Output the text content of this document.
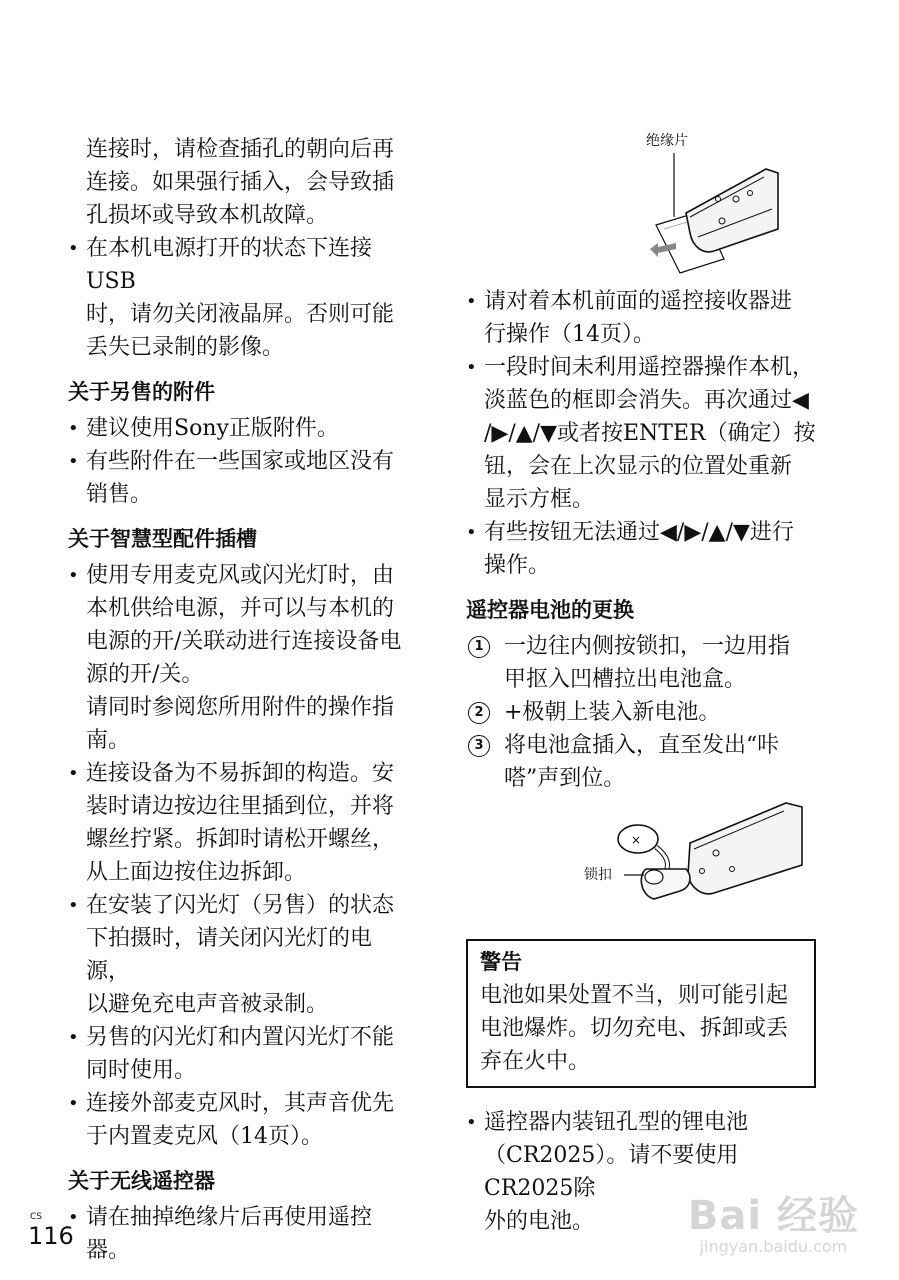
连接时，请检查插孔的朝向后再
连接。如果强行插入，会导致插
孔损坏或导致本机故障。
• 在本机电源打开的状态下连接USB
时，请勿关闭液晶屏。否则可能
丢失已录制的影像。
关于另售的附件
• 建议使用Sony正版附件。
• 有些附件在一些国家或地区没有
销售。
关于智慧型配件插槽
• 使用专用麦克风或闪光灯时，由
本机供给电源，并可以与本机的
电源的开/关联动进行连接设备电
源的开/关。
请同时参阅您所用附件的操作指
南。
• 连接设备为不易拆卸的构造。安
装时请边按边往里插到位，并将
螺丝拧紧。拆卸时请松开螺丝，
从上面边按住边拆卸。
• 在安装了闪光灯（另售）的状态
下拍摄时，请关闭闪光灯的电源，
以避免充电声音被录制。
• 另售的闪光灯和内置闪光灯不能
同时使用。
• 连接外部麦克风时，其声音优先
于内置麦克风（14页）。
关于无线遥控器
• 请在抽掉绝缘片后再使用遥控器。
绝缘片
• 请对着本机前面的遥控接收器进
行操作（14页）。
• 一段时间未利用遥控器操作本机，
淡蓝色的框即会消失。再次通过◀
/▶/▲/▼或者按ENTER（确定）按
钮，会在上次显示的位置处重新
显示方框。
• 有些按钮无法通过◀/▶/▲/▼进行
操作。
遥控器电池的更换
1 一边往内侧按锁扣，一边用指
甲抠入凹槽拉出电池盒。
2 +极朝上装入新电池。
3 将电池盒插入，直至发出“咔
嗒”声到位。
锁扣
×
警告
电池如果处置不当，则可能引起
电池爆炸。切勿充电、拆卸或丢
弃在火中。
• 遥控器内装钮孔型的锂电池
（CR2025）。请不要使用CR2025除
外的电池。
CS
116	Bai 经验
jingyan.baidu.com
